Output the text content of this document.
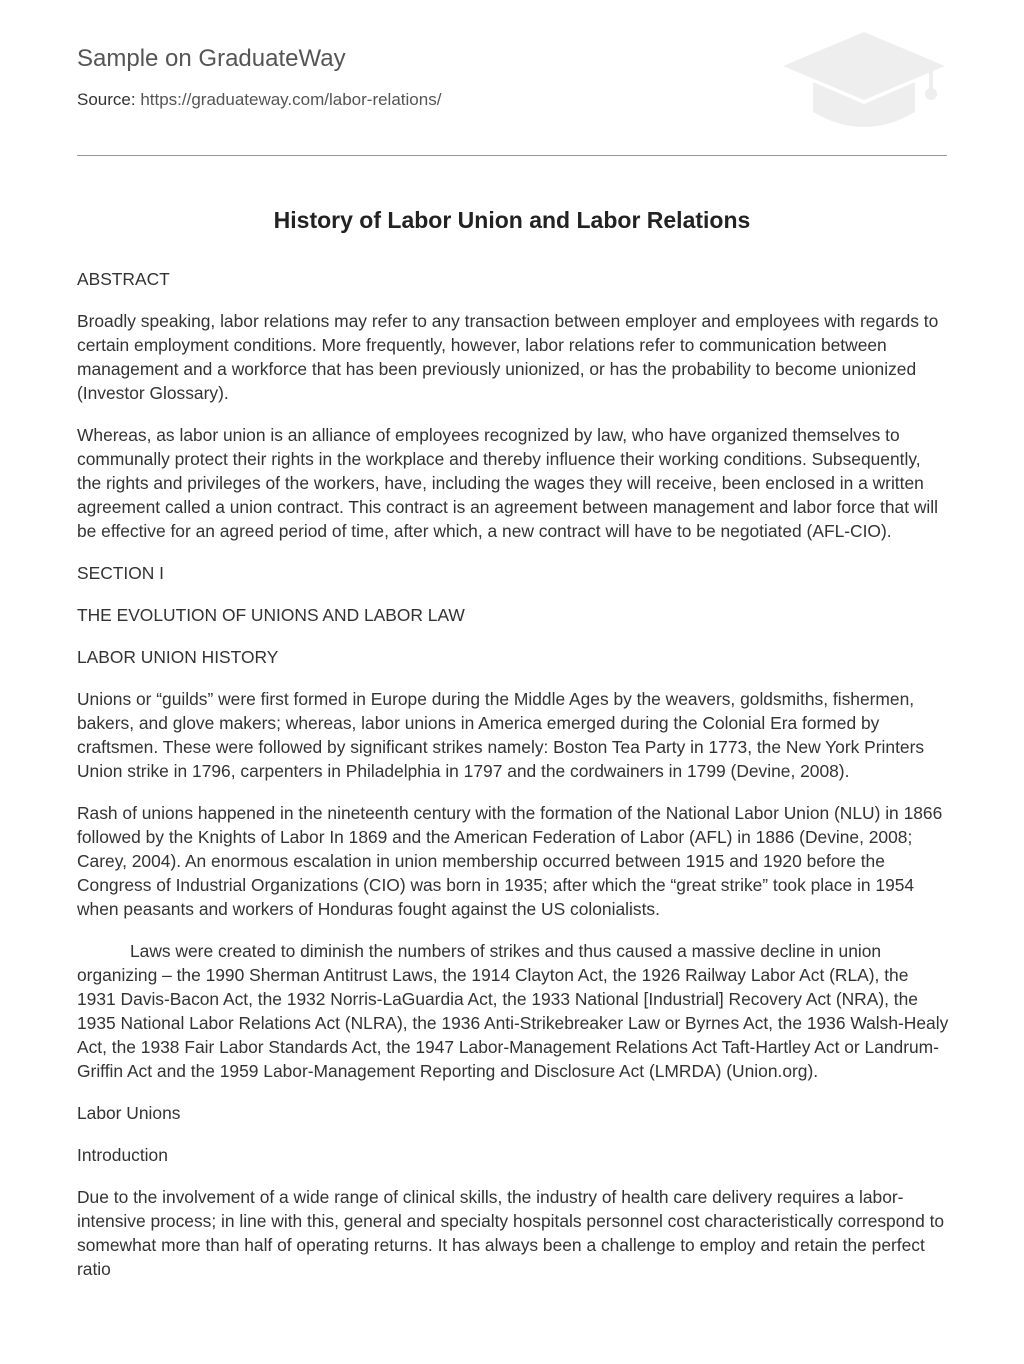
Sample on GraduateWay
Source: https://graduateway.com/labor-relations/
History of Labor Union and Labor Relations

ABSTRACT

Broadly speaking, labor relations may refer to any transaction between employer and employees with regards to certain employment conditions. More frequently, however, labor relations refer to communication between management and a workforce that has been previously unionized, or has the probability to become unionized (Investor Glossary).

Whereas, as labor union is an alliance of employees recognized by law, who have organized themselves to communally protect their rights in the workplace and thereby influence their working conditions. Subsequently, the rights and privileges of the workers, have, including the wages they will receive, been enclosed in a written agreement called a union contract. This contract is an agreement between management and labor force that will be effective for an agreed period of time, after which, a new contract will have to be negotiated (AFL-CIO).

SECTION I

THE EVOLUTION OF UNIONS AND LABOR LAW

LABOR UNION HISTORY

Unions or “guilds” were first formed in Europe during the Middle Ages by the weavers, goldsmiths, fishermen, bakers, and glove makers; whereas, labor unions in America emerged during the Colonial Era formed by craftsmen. These were followed by significant strikes namely: Boston Tea Party in 1773, the New York Printers Union strike in 1796, carpenters in Philadelphia in 1797 and the cordwainers in 1799 (Devine, 2008).

Rash of unions happened in the nineteenth century with the formation of the National Labor Union (NLU) in 1866 followed by the Knights of Labor In 1869 and the American Federation of Labor (AFL) in 1886 (Devine, 2008; Carey, 2004). An enormous escalation in union membership occurred between 1915 and 1920 before the Congress of Industrial Organizations (CIO) was born in 1935; after which the “great strike” took place in 1954 when peasants and workers of Honduras fought against the US colonialists.

Laws were created to diminish the numbers of strikes and thus caused a massive decline in union organizing – the 1990 Sherman Antitrust Laws, the 1914 Clayton Act, the 1926 Railway Labor Act (RLA), the 1931 Davis-Bacon Act, the 1932 Norris-LaGuardia Act, the 1933 National [Industrial] Recovery Act (NRA), the 1935 National Labor Relations Act (NLRA), the 1936 Anti-Strikebreaker Law or Byrnes Act, the 1936 Walsh-Healy Act, the 1938 Fair Labor Standards Act, the 1947 Labor-Management Relations Act Taft-Hartley Act or Landrum-Griffin Act and the 1959 Labor-Management Reporting and Disclosure Act (LMRDA) (Union.org).

Labor Unions

Introduction

Due to the involvement of a wide range of clinical skills, the industry of health care delivery requires a labor-intensive process; in line with this, general and specialty hospitals personnel cost characteristically correspond to somewhat more than half of operating returns. It has always been a challenge to employ and retain the perfect ratio
